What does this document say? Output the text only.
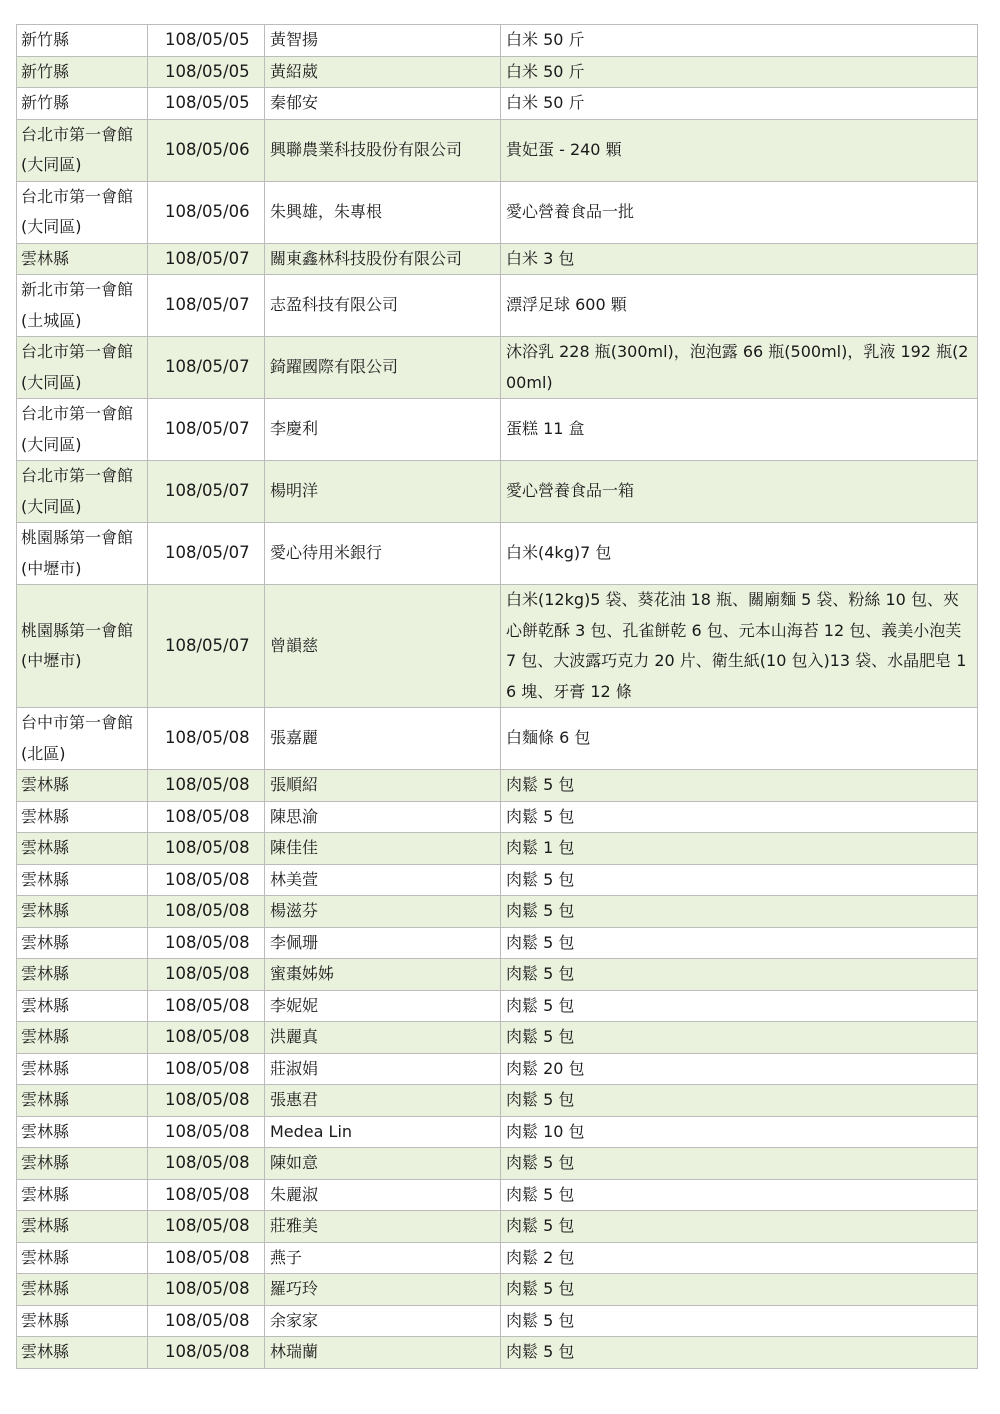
新竹縣	108/05/05	黃智揚	白米 50 斤
新竹縣	108/05/05	黃紹葳	白米 50 斤
新竹縣	108/05/05	秦郁安	白米 50 斤
台北市第一會館(大同區)	108/05/06	興聯農業科技股份有限公司	貴妃蛋 - 240 顆
台北市第一會館(大同區)	108/05/06	朱興雄，朱專根	愛心營養食品一批
雲林縣	108/05/07	關東鑫林科技股份有限公司	白米 3 包
新北市第一會館(土城區)	108/05/07	志盈科技有限公司	漂浮足球 600 顆
台北市第一會館(大同區)	108/05/07	錡躍國際有限公司	沐浴乳 228 瓶(300ml)，泡泡露 66 瓶(500ml)，乳液 192 瓶(200ml)
台北市第一會館(大同區)	108/05/07	李慶利	蛋糕 11 盒
台北市第一會館(大同區)	108/05/07	楊明洋	愛心營養食品一箱
桃園縣第一會館(中壢市)	108/05/07	愛心待用米銀行	白米(4kg)7 包
桃園縣第一會館(中壢市)	108/05/07	曾韻慈	白米(12kg)5 袋、葵花油 18 瓶、關廟麵 5 袋、粉絲 10 包、夾心餅乾酥 3 包、孔雀餅乾 6 包、元本山海苔 12 包、義美小泡芙 7 包、大波露巧克力 20 片、衛生紙(10 包入)13 袋、水晶肥皂 16 塊、牙膏 12 條
台中市第一會館(北區)	108/05/08	張嘉麗	白麵條 6 包
雲林縣	108/05/08	張順紹	肉鬆 5 包
雲林縣	108/05/08	陳思渝	肉鬆 5 包
雲林縣	108/05/08	陳佳佳	肉鬆 1 包
雲林縣	108/05/08	林美萱	肉鬆 5 包
雲林縣	108/05/08	楊滋芬	肉鬆 5 包
雲林縣	108/05/08	李佩珊	肉鬆 5 包
雲林縣	108/05/08	蜜棗姊姊	肉鬆 5 包
雲林縣	108/05/08	李妮妮	肉鬆 5 包
雲林縣	108/05/08	洪麗真	肉鬆 5 包
雲林縣	108/05/08	莊淑娟	肉鬆 20 包
雲林縣	108/05/08	張惠君	肉鬆 5 包
雲林縣	108/05/08	Medea Lin	肉鬆 10 包
雲林縣	108/05/08	陳如意	肉鬆 5 包
雲林縣	108/05/08	朱麗淑	肉鬆 5 包
雲林縣	108/05/08	莊雅美	肉鬆 5 包
雲林縣	108/05/08	燕子	肉鬆 2 包
雲林縣	108/05/08	羅巧玲	肉鬆 5 包
雲林縣	108/05/08	余家家	肉鬆 5 包
雲林縣	108/05/08	林瑞蘭	肉鬆 5 包
